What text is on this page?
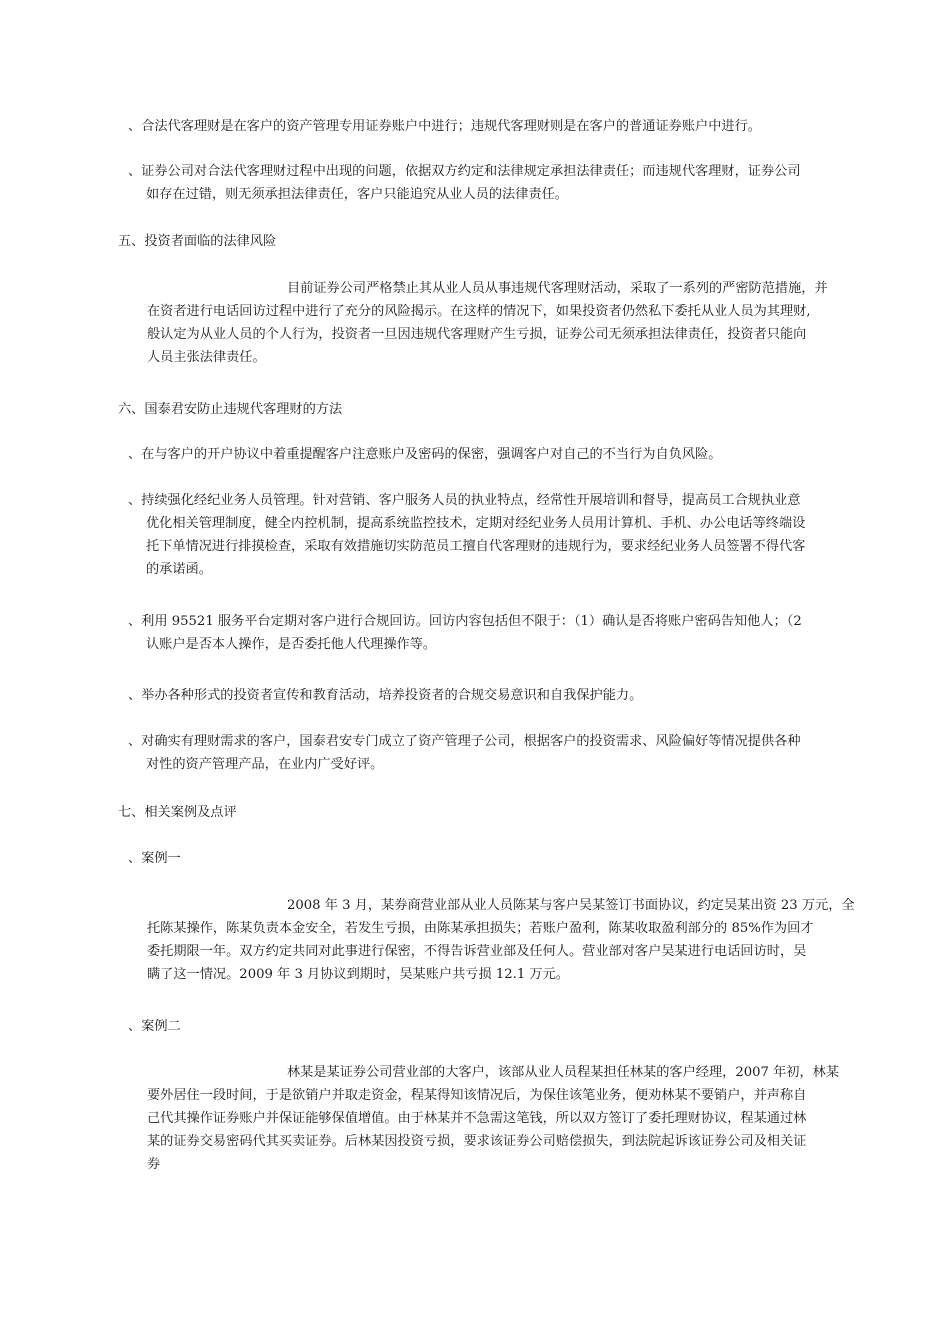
、合法代客理财是在客户的资产管理专用证券账户中进行；违规代客理财则是在客户的普通证券账户中进行。
、证券公司对合法代客理财过程中出现的问题，依据双方约定和法律规定承担法律责任；而违规代客理财，证券公司
如存在过错，则无须承担法律责任，客户只能追究从业人员的法律责任。
五、投资者面临的法律风险
目前证券公司严格禁止其从业人员从事违规代客理财活动，采取了一系列的严密防范措施，并
在资者进行电话回访过程中进行了充分的风险揭示。在这样的情况下，如果投资者仍然私下委托从业人员为其理财,
般认定为从业人员的个人行为，投资者一旦因违规代客理财产生亏损，证券公司无须承担法律责任，投资者只能向
人员主张法律责任。
六、国泰君安防止违规代客理财的方法
、在与客户的开户协议中着重提醒客户注意账户及密码的保密，强调客户对自己的不当行为自负风险。
、持续强化经纪业务人员管理。针对营销、客户服务人员的执业特点，经常性开展培训和督导，提高员工合规执业意
优化相关管理制度，健全内控机制，提高系统监控技术，定期对经纪业务人员用计算机、手机、办公电话等终端设
托下单情况进行排摸检查，采取有效措施切实防范员工擅自代客理财的违规行为，要求经纪业务人员签署不得代客
的承诺函。
、利用 95521 服务平台定期对客户进行合规回访。回访内容包括但不限于：（1）确认是否将账户密码告知他人；（2
认账户是否本人操作，是否委托他人代理操作等。
、举办各种形式的投资者宣传和教育活动，培养投资者的合规交易意识和自我保护能力。
、对确实有理财需求的客户，国泰君安专门成立了资产管理子公司，根据客户的投资需求、风险偏好等情况提供各种
对性的资产管理产品，在业内广受好评。
七、相关案例及点评
、案例一
2008 年 3 月，某券商营业部从业人员陈某与客户吴某签订书面协议，约定吴某出资 23 万元，全
托陈某操作，陈某负责本金安全，若发生亏损，由陈某承担损失；若账户盈利，陈某收取盈利部分的 85%作为回才
委托期限一年。双方约定共同对此事进行保密，不得告诉营业部及任何人。营业部对客户吴某进行电话回访时，吴
瞒了这一情况。2009 年 3 月协议到期时，吴某账户共亏损 12.1 万元。
、案例二
林某是某证券公司营业部的大客户，该部从业人员程某担任林某的客户经理，2007 年初，林某
要外居住一段时间，于是欲销户并取走资金，程某得知该情况后，为保住该笔业务，便劝林某不要销户，并声称自
己代其操作证券账户并保证能够保值增值。由于林某并不急需这笔钱，所以双方签订了委托理财协议，程某通过林
某的证券交易密码代其买卖证券。后林某因投资亏损，要求该证券公司赔偿损失，到法院起诉该证券公司及相关证
券
